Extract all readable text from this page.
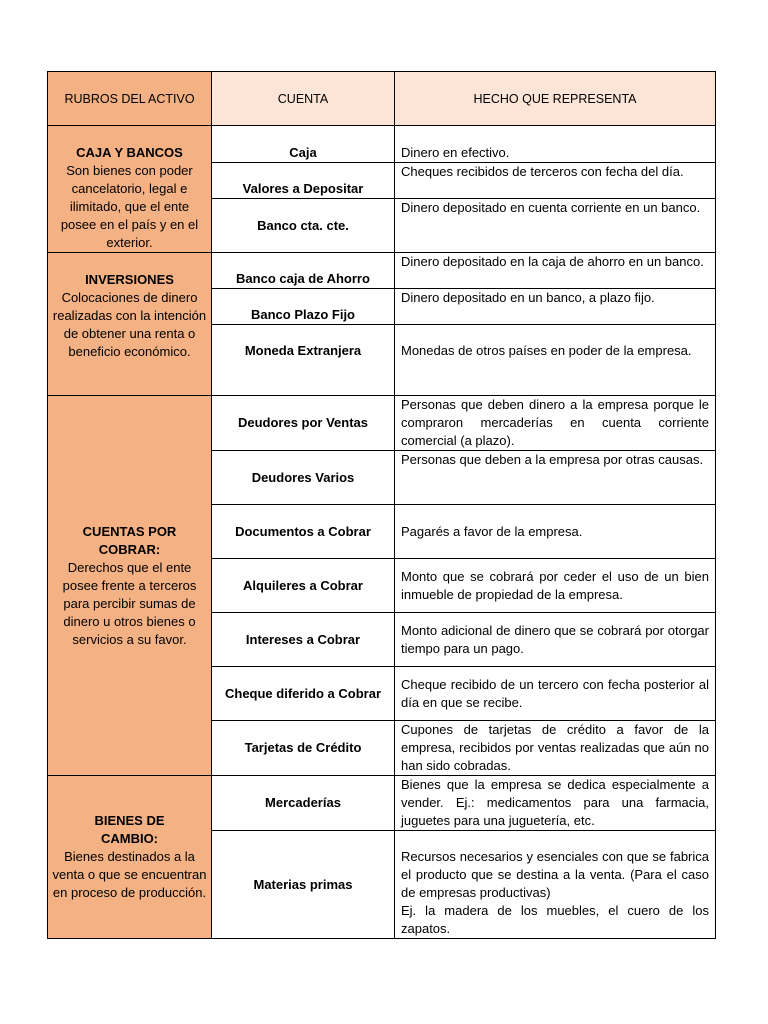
RUBROS DEL ACTIVO	CUENTA	HECHO QUE REPRESENTA

CAJA Y BANCOS
Son bienes con poder cancelatorio, legal e ilimitado, que el ente posee en el país y en el exterior.	Caja	Dinero en efectivo.

	Valores a Depositar	Cheques recibidos de terceros con fecha del día.

	Banco cta. cte.	Dinero depositado en cuenta corriente en un banco.

INVERSIONES
Colocaciones de dinero realizadas con la intención de obtener una renta o beneficio económico.	Banco caja de Ahorro	Dinero depositado en la caja de ahorro en un banco.

	Banco Plazo Fijo	Dinero depositado en un banco, a plazo fijo.

	Moneda Extranjera	Monedas de otros países en poder de la empresa.

CUENTAS POR COBRAR:
Derechos que el ente posee frente a terceros para percibir sumas de dinero u otros bienes o servicios a su favor.	Deudores por Ventas	Personas que deben dinero a la empresa porque le compraron mercaderías en cuenta corriente comercial (a plazo).

	Deudores Varios	Personas que deben a la empresa por otras causas.

	Documentos a Cobrar	Pagarés a favor de la empresa.

	Alquileres a Cobrar	Monto que se cobrará por ceder el uso de un bien inmueble de propiedad de la empresa.

	Intereses a Cobrar	Monto adicional de dinero que se cobrará por otorgar tiempo para un pago.

	Cheque diferido a Cobrar	Cheque recibido de un tercero con fecha posterior al día en que se recibe.

	Tarjetas de Crédito	Cupones de tarjetas de crédito a favor de la empresa, recibidos por ventas realizadas que aún no han sido cobradas.

BIENES DE CAMBIO:
Bienes destinados a la venta o que se encuentran en proceso de producción.	Mercaderías	Bienes que la empresa se dedica especialmente a vender. Ej.: medicamentos para una farmacia, juguetes para una juguetería, etc.

	Materias primas	Recursos necesarios y esenciales con que se fabrica el producto que se destina a la venta. (Para el caso de empresas productivas)
Ej. la madera de los muebles, el cuero de los zapatos.
